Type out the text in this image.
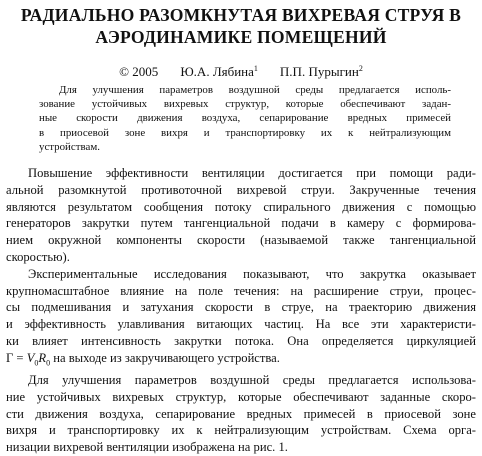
РАДИАЛЬНО РАЗОМКНУТАЯ ВИХРЕВАЯ СТРУЯ В
АЭРОДИНАМИКЕ ПОМЕЩЕНИЙ
© 2005 Ю.А. Лябина$^1$ П.П. Пурыгин$^2$
Для улучшения параметров воздушной среды предлагается исполь-
зование устойчивых вихревых структур, которые обеспечивают задан-
ные скорости движения воздуха, сепарирование вредных примесей
в приосевой зоне вихря и транспортировку их к нейтрализующим
устройствам.
Повышение эффективности вентиляции достигается при помощи ради-
альной разомкнутой противоточной вихревой струи. Закрученные течения
являются результатом сообщения потоку спирального движения с помощью
генераторов закрутки путем тангенциальной подачи в камеру с формирова-
нием окружной компоненты скорости (называемой также тангенциальной
скоростью).
Экспериментальные исследования показывают, что закрутка оказывает
крупномасштабное влияние на поле течения: на расширение струи, процес-
сы подмешивания и затухания скорости в струе, на траекторию движения
и эффективность улавливания витающих частиц. На все эти характеристи-
ки влияет интенсивность закрутки потока. Она определяется циркуляцией
$\Gamma = V_0R_0$ на выходе из закручивающего устройства.
Для улучшения параметров воздушной среды предлагается использова-
ние устойчивых вихревых структур, которые обеспечивают заданные скоро-
сти движения воздуха, сепарирование вредных примесей в приосевой зоне
вихря и транспортировку их к нейтрализующим устройствам. Схема орга-
низации вихревой вентиляции изображена на рис. 1.
